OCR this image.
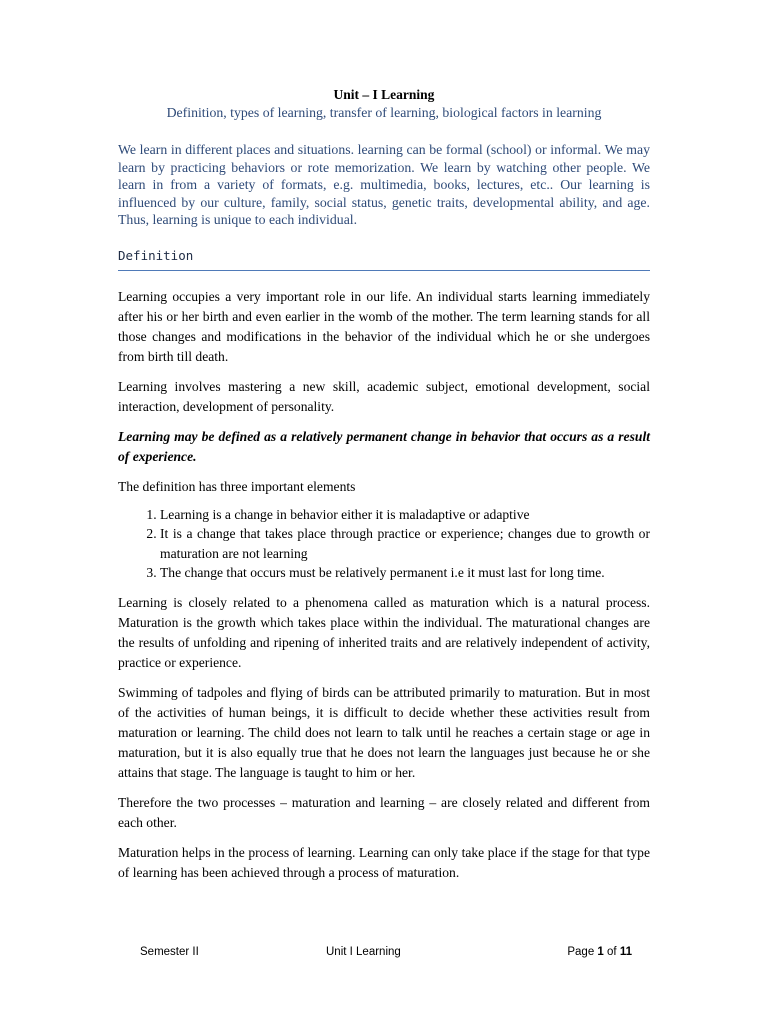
Unit – I Learning
Definition, types of learning, transfer of learning, biological factors in learning

We learn in different places and situations. learning can be formal (school) or informal. We may learn by practicing behaviors or rote memorization. We learn by watching other people. We learn in from a variety of formats, e.g. multimedia, books, lectures, etc.. Our learning is influenced by our culture, family, social status, genetic traits, developmental ability, and age. Thus, learning is unique to each individual.

Definition

Learning occupies a very important role in our life. An individual starts learning immediately after his or her birth and even earlier in the womb of the mother. The term learning stands for all those changes and modifications in the behavior of the individual which he or she undergoes from birth till death.

Learning involves mastering a new skill, academic subject, emotional development, social interaction, development of personality.

Learning may be defined as a relatively permanent change in behavior that occurs as a result of experience.

The definition has three important elements

1. Learning is a change in behavior either it is maladaptive or adaptive
2. It is a change that takes place through practice or experience; changes due to growth or maturation are not learning
3. The change that occurs must be relatively permanent i.e it must last for long time.

Learning is closely related to a phenomena called as maturation which is a natural process. Maturation is the growth which takes place within the individual. The maturational changes are the results of unfolding and ripening of inherited traits and are relatively independent of activity, practice or experience.

Swimming of tadpoles and flying of birds can be attributed primarily to maturation. But in most of the activities of human beings, it is difficult to decide whether these activities result from maturation or learning. The child does not learn to talk until he reaches a certain stage or age in maturation, but it is also equally true that he does not learn the languages just because he or she attains that stage. The language is taught to him or her.

Therefore the two processes – maturation and learning – are closely related and different from each other.

Maturation helps in the process of learning. Learning can only take place if the stage for that type of learning has been achieved through a process of maturation.

Semester II	Unit I Learning	Page 1 of 11
